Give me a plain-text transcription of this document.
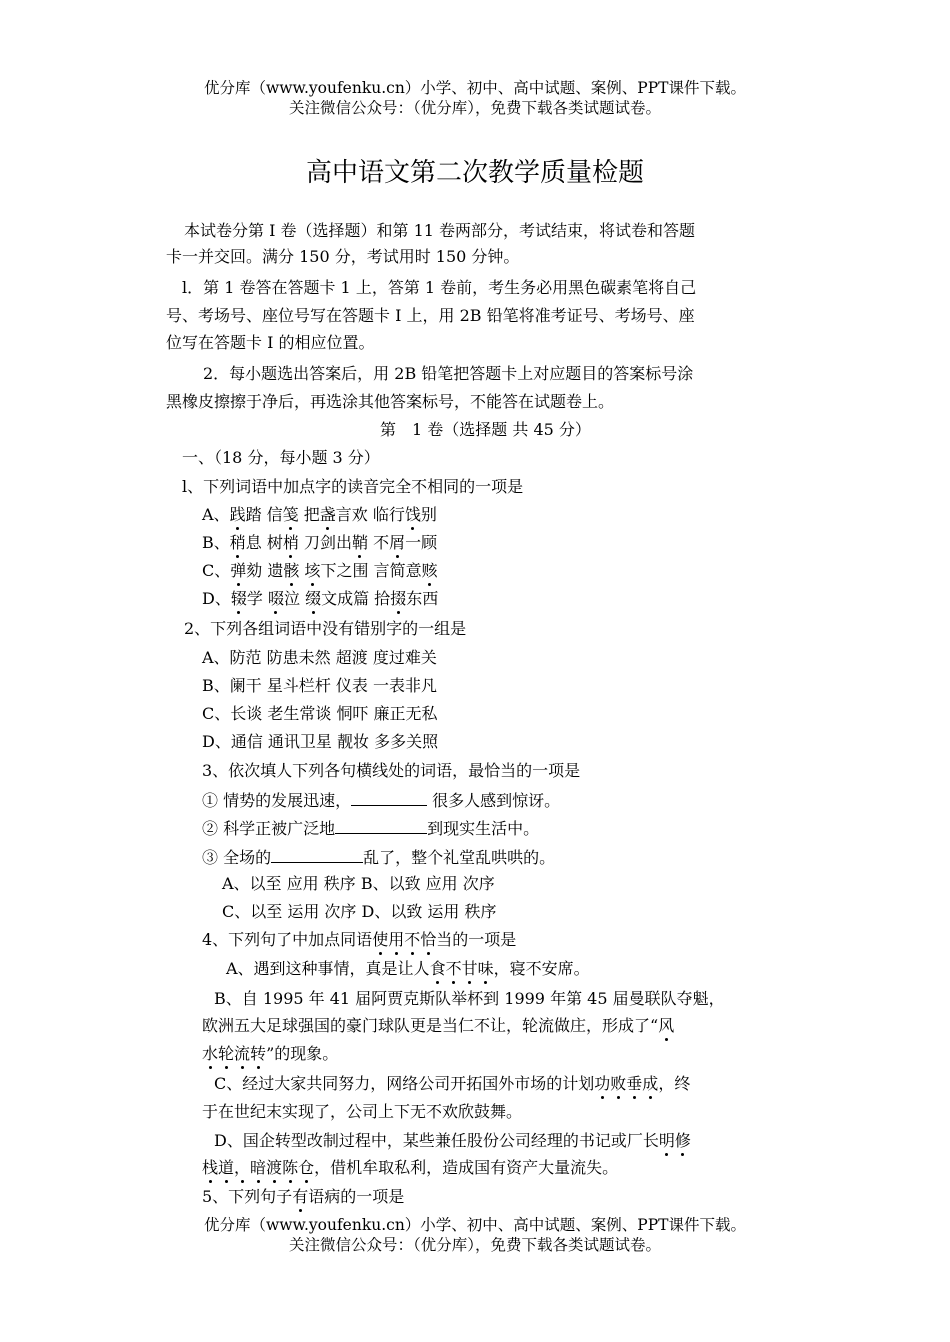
优分库（www.youfenku.cn）小学、初中、高中试题、案例、PPT课件下载。
关注微信公众号：（优分库），免费下载各类试题试卷。
高中语文第二次教学质量检题
本试卷分第 I 卷（选择题）和第 11 卷两部分，考试结束，将试卷和答题
卡一并交回。满分 150 分，考试用时 150 分钟。
l．第 1 卷答在答题卡 1 上，答第 1 卷前，考生务必用黑色碳素笔将自己
号、考场号、座位号写在答题卡 I 上，用 2B 铅笔将准考证号、考场号、座
位写在答题卡 I 的相应位置。
2．每小题选出答案后，用 2B 铅笔把答题卡上对应题目的答案标号涂
黑橡皮擦擦于净后，再选涂其他答案标号，不能答在试题卷上。
第　1 卷（选择题 共 45 分）
一、（18 分，每小题 3 分）
l、下列词语中加点字的读音完全不相同的一项是
A、践踏 信笺 把盏言欢 临行饯别
B、稍息 树梢 刀剑出鞘 不屑一顾
C、弹劾 遗骸 垓下之围 言简意赅
D、辍学 啜泣 缀文成篇 拾掇东西
2、下列各组词语中没有错别字的一组是
A、防范 防患未然 超渡 度过难关
B、阑干 星斗栏杆 仪表 一表非凡
C、长谈 老生常谈 恫吓 廉正无私
D、通信 通讯卫星 靓妆 多多关照
3、依次填人下列各句横线处的词语，最恰当的一项是
① 情势的发展迅速，	很多人感到惊讶。
② 科学正被广泛地	到现实生活中。
③ 全场的	乱了，整个礼堂乱哄哄的。
A、以至 应用 秩序 B、以致 应用 次序
C、以至 运用 次序 D、以致 运用 秩序
4、下列句了中加点同语使用不恰当的一项是
A、遇到这种事情，真是让人食不甘味，寝不安席。
B、自 1995 年 41 届阿贾克斯队举杯到 1999 年第 45 届曼联队夺魁，
欧洲五大足球强国的豪门球队更是当仁不让，轮流做庄，形成了“风
水轮流转”的现象。
C、经过大家共同努力，网络公司开拓国外市场的计划功败垂成，终
于在世纪末实现了，公司上下无不欢欣鼓舞。
D、国企转型改制过程中，某些兼任股份公司经理的书记或厂长明修
栈道，暗渡陈仓，借机牟取私利，造成国有资产大量流失。
5、下列句子有语病的一项是
优分库（www.youfenku.cn）小学、初中、高中试题、案例、PPT课件下载。
关注微信公众号：（优分库），免费下载各类试题试卷。
